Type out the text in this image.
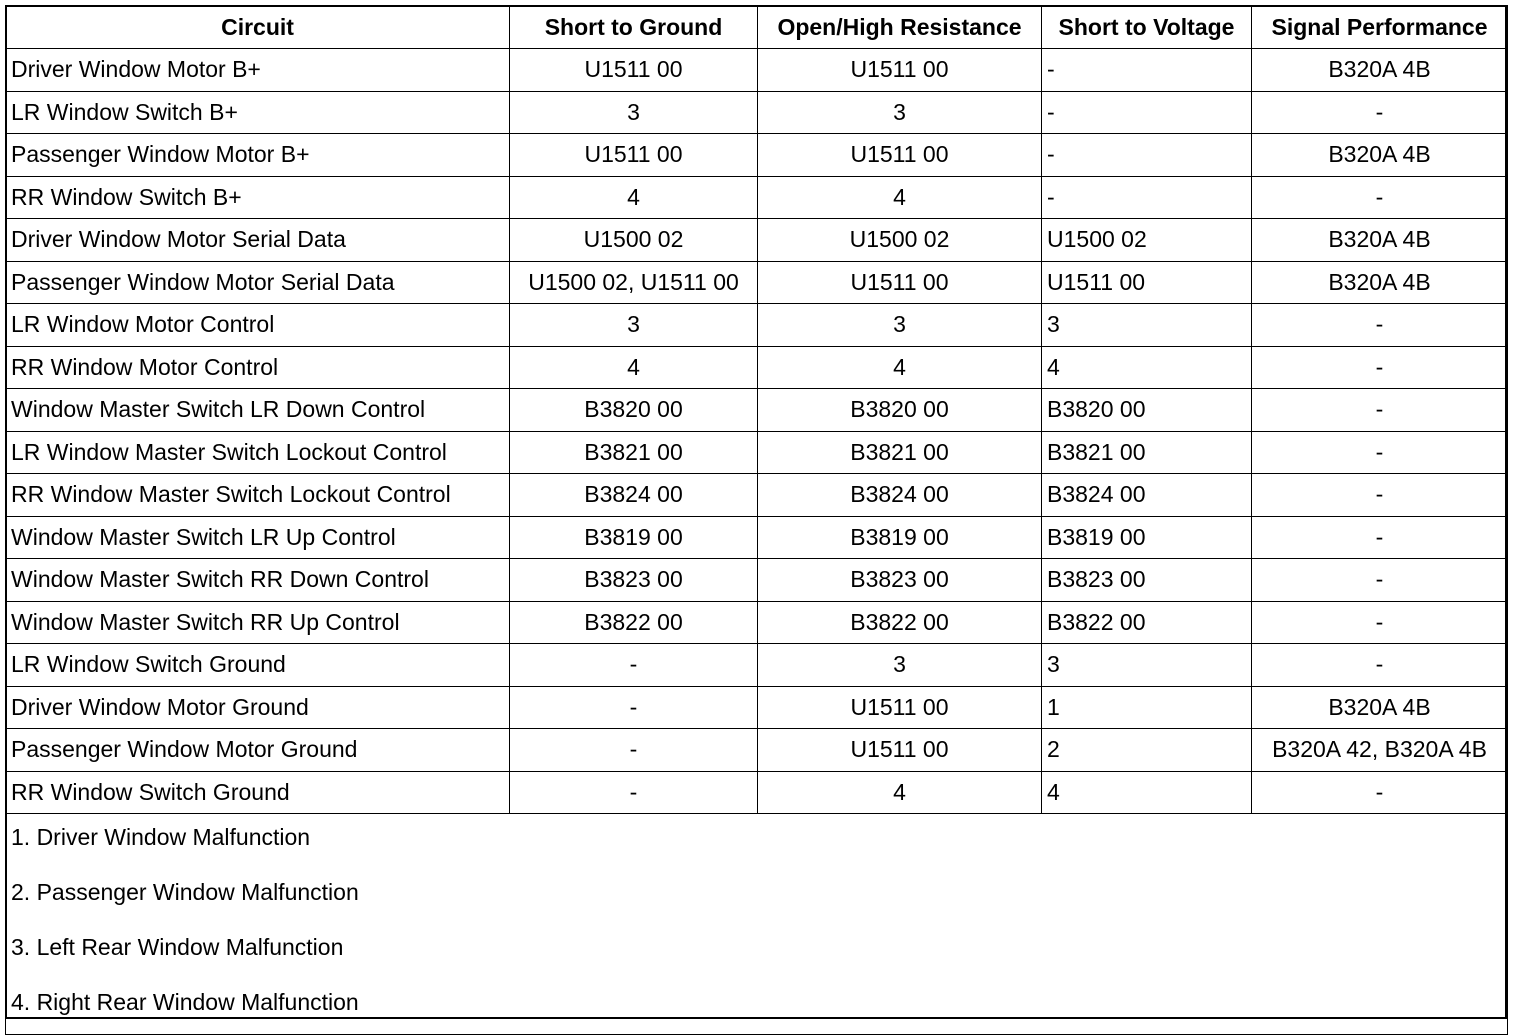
Circuit	Short to Ground	Open/High Resistance	Short to Voltage	Signal Performance
Driver Window Motor B+	U1511 00	U1511 00	-	B320A 4B
LR Window Switch B+	3	3	-	-
Passenger Window Motor B+	U1511 00	U1511 00	-	B320A 4B
RR Window Switch B+	4	4	-	-
Driver Window Motor Serial Data	U1500 02	U1500 02	U1500 02	B320A 4B
Passenger Window Motor Serial Data	U1500 02, U1511 00	U1511 00	U1511 00	B320A 4B
LR Window Motor Control	3	3	3	-
RR Window Motor Control	4	4	4	-
Window Master Switch LR Down Control	B3820 00	B3820 00	B3820 00	-
LR Window Master Switch Lockout Control	B3821 00	B3821 00	B3821 00	-
RR Window Master Switch Lockout Control	B3824 00	B3824 00	B3824 00	-
Window Master Switch LR Up Control	B3819 00	B3819 00	B3819 00	-
Window Master Switch RR Down Control	B3823 00	B3823 00	B3823 00	-
Window Master Switch RR Up Control	B3822 00	B3822 00	B3822 00	-
LR Window Switch Ground	-	3	3	-
Driver Window Motor Ground	-	U1511 00	1	B320A 4B
Passenger Window Motor Ground	-	U1511 00	2	B320A 42, B320A 4B
RR Window Switch Ground	-	4	4	-

1. Driver Window Malfunction
2. Passenger Window Malfunction
3. Left Rear Window Malfunction
4. Right Rear Window Malfunction				
